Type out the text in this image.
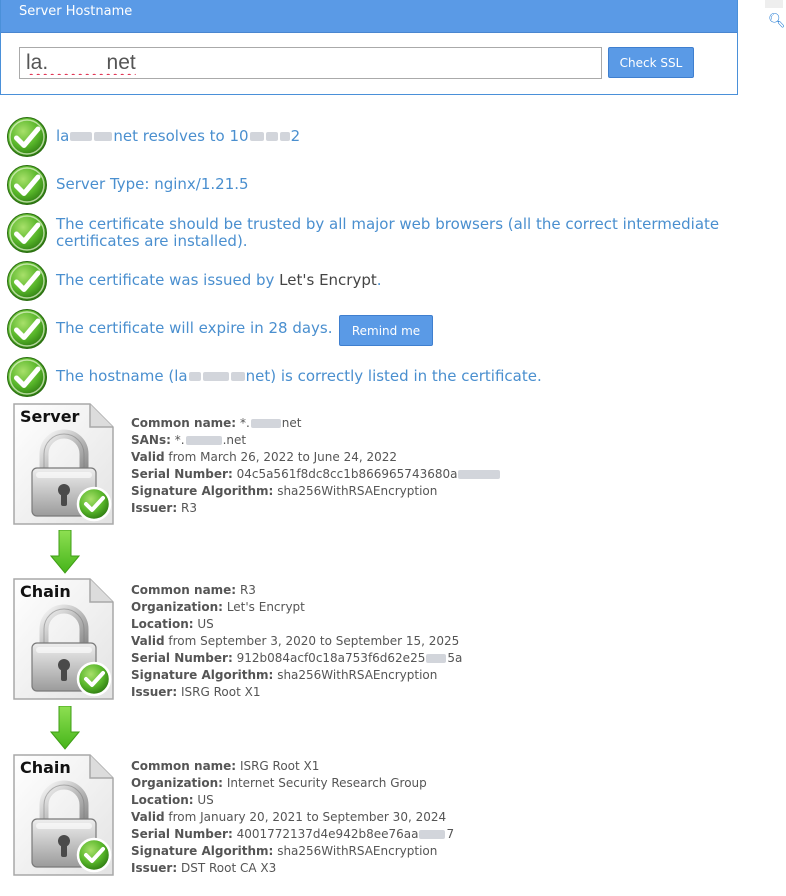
🔍︎
Server Hostname
la. net
Check SSL
la	net resolves to 10	2
Server Type: nginx/1.21.5
The certificate should be trusted by all major web browsers (all the correct intermediate
certificates are installed).
The certificate was issued by Let's Encrypt.
The certificate will expire in 28 days.	Remind me
The hostname (la	net) is correctly listed in the certificate.
Server	Common name: *.	net
SANs: *.	.net
Valid from March 26, 2022 to June 24, 2022
Serial Number: 04c5a561f8dc8cc1b866965743680a
Signature Algorithm: sha256WithRSAEncryption
Issuer: R3
Chain	Common name: R3
Organization: Let's Encrypt
Location: US
Valid from September 3, 2020 to September 15, 2025
Serial Number: 912b084acf0c18a753f6d62e25 5a
Signature Algorithm: sha256WithRSAEncryption
Issuer: ISRG Root X1
Chain	Common name: ISRG Root X1
Organization: Internet Security Research Group
Location: US
Valid from January 20, 2021 to September 30, 2024
Serial Number: 4001772137d4e942b8ee76aa 7
Signature Algorithm: sha256WithRSAEncryption
Issuer: DST Root CA X3
